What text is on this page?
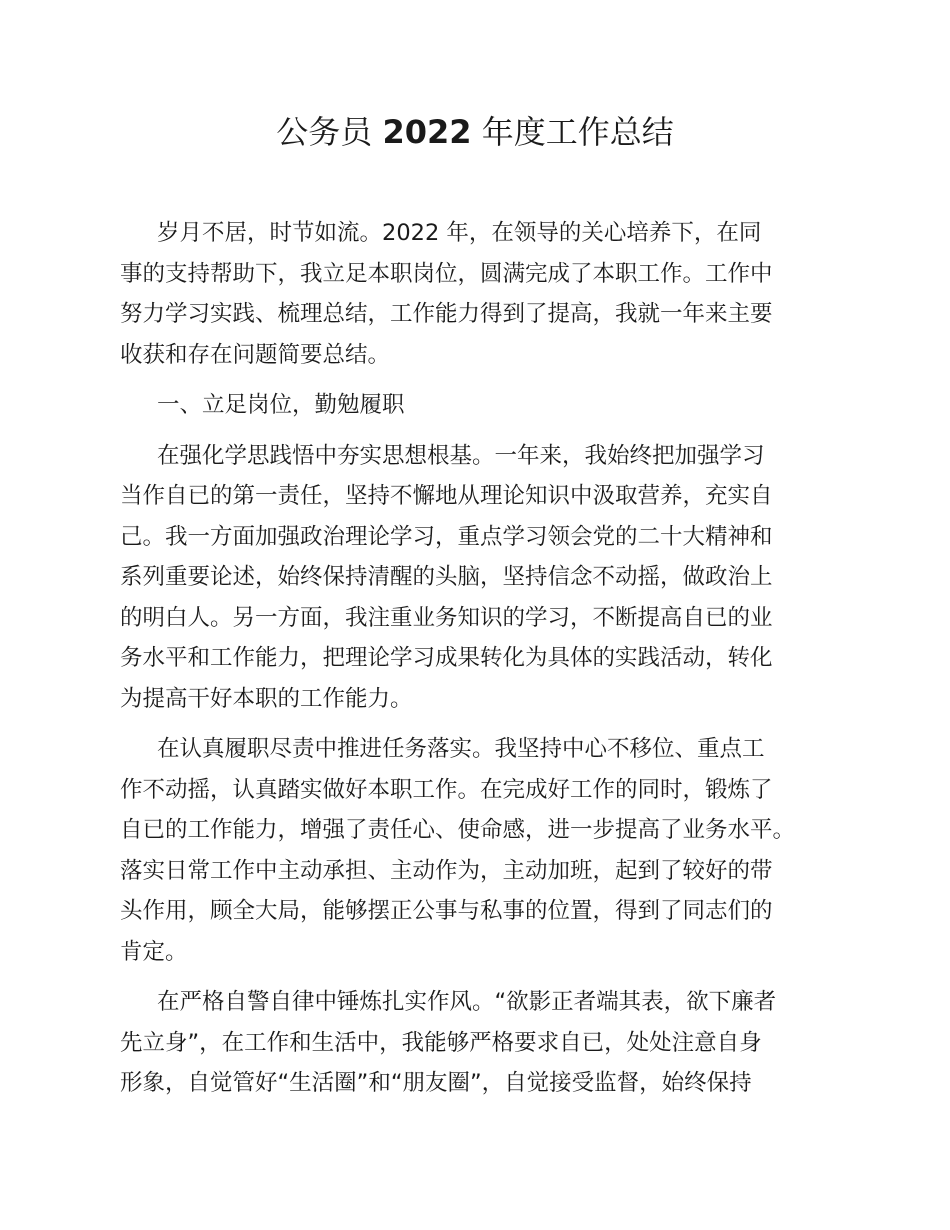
公务员 2022 年度工作总结
岁月不居，时节如流。2022 年，在领导的关心培养下，在同
事的支持帮助下，我立足本职岗位，圆满完成了本职工作。工作中
努力学习实践、梳理总结，工作能力得到了提高，我就一年来主要
收获和存在问题简要总结。
一、立足岗位，勤勉履职
在强化学思践悟中夯实思想根基。一年来，我始终把加强学习
当作自已的第一责任，坚持不懈地从理论知识中汲取营养，充实自
己。我一方面加强政治理论学习，重点学习领会党的二十大精神和
系列重要论述，始终保持清醒的头脑，坚持信念不动摇，做政治上
的明白人。另一方面，我注重业务知识的学习，不断提高自已的业
务水平和工作能力，把理论学习成果转化为具体的实践活动，转化
为提高干好本职的工作能力。
在认真履职尽责中推进任务落实。我坚持中心不移位、重点工
作不动摇，认真踏实做好本职工作。在完成好工作的同时，锻炼了
自已的工作能力，增强了责任心、使命感，进一步提高了业务水平。
落实日常工作中主动承担、主动作为，主动加班，起到了较好的带
头作用，顾全大局，能够摆正公事与私事的位置，得到了同志们的
肯定。
在严格自警自律中锤炼扎实作风。“欲影正者端其表，欲下廉者
先立身”，在工作和生活中，我能够严格要求自已，处处注意自身
形象，自觉管好“生活圈”和“朋友圈”，自觉接受监督，始终保持
